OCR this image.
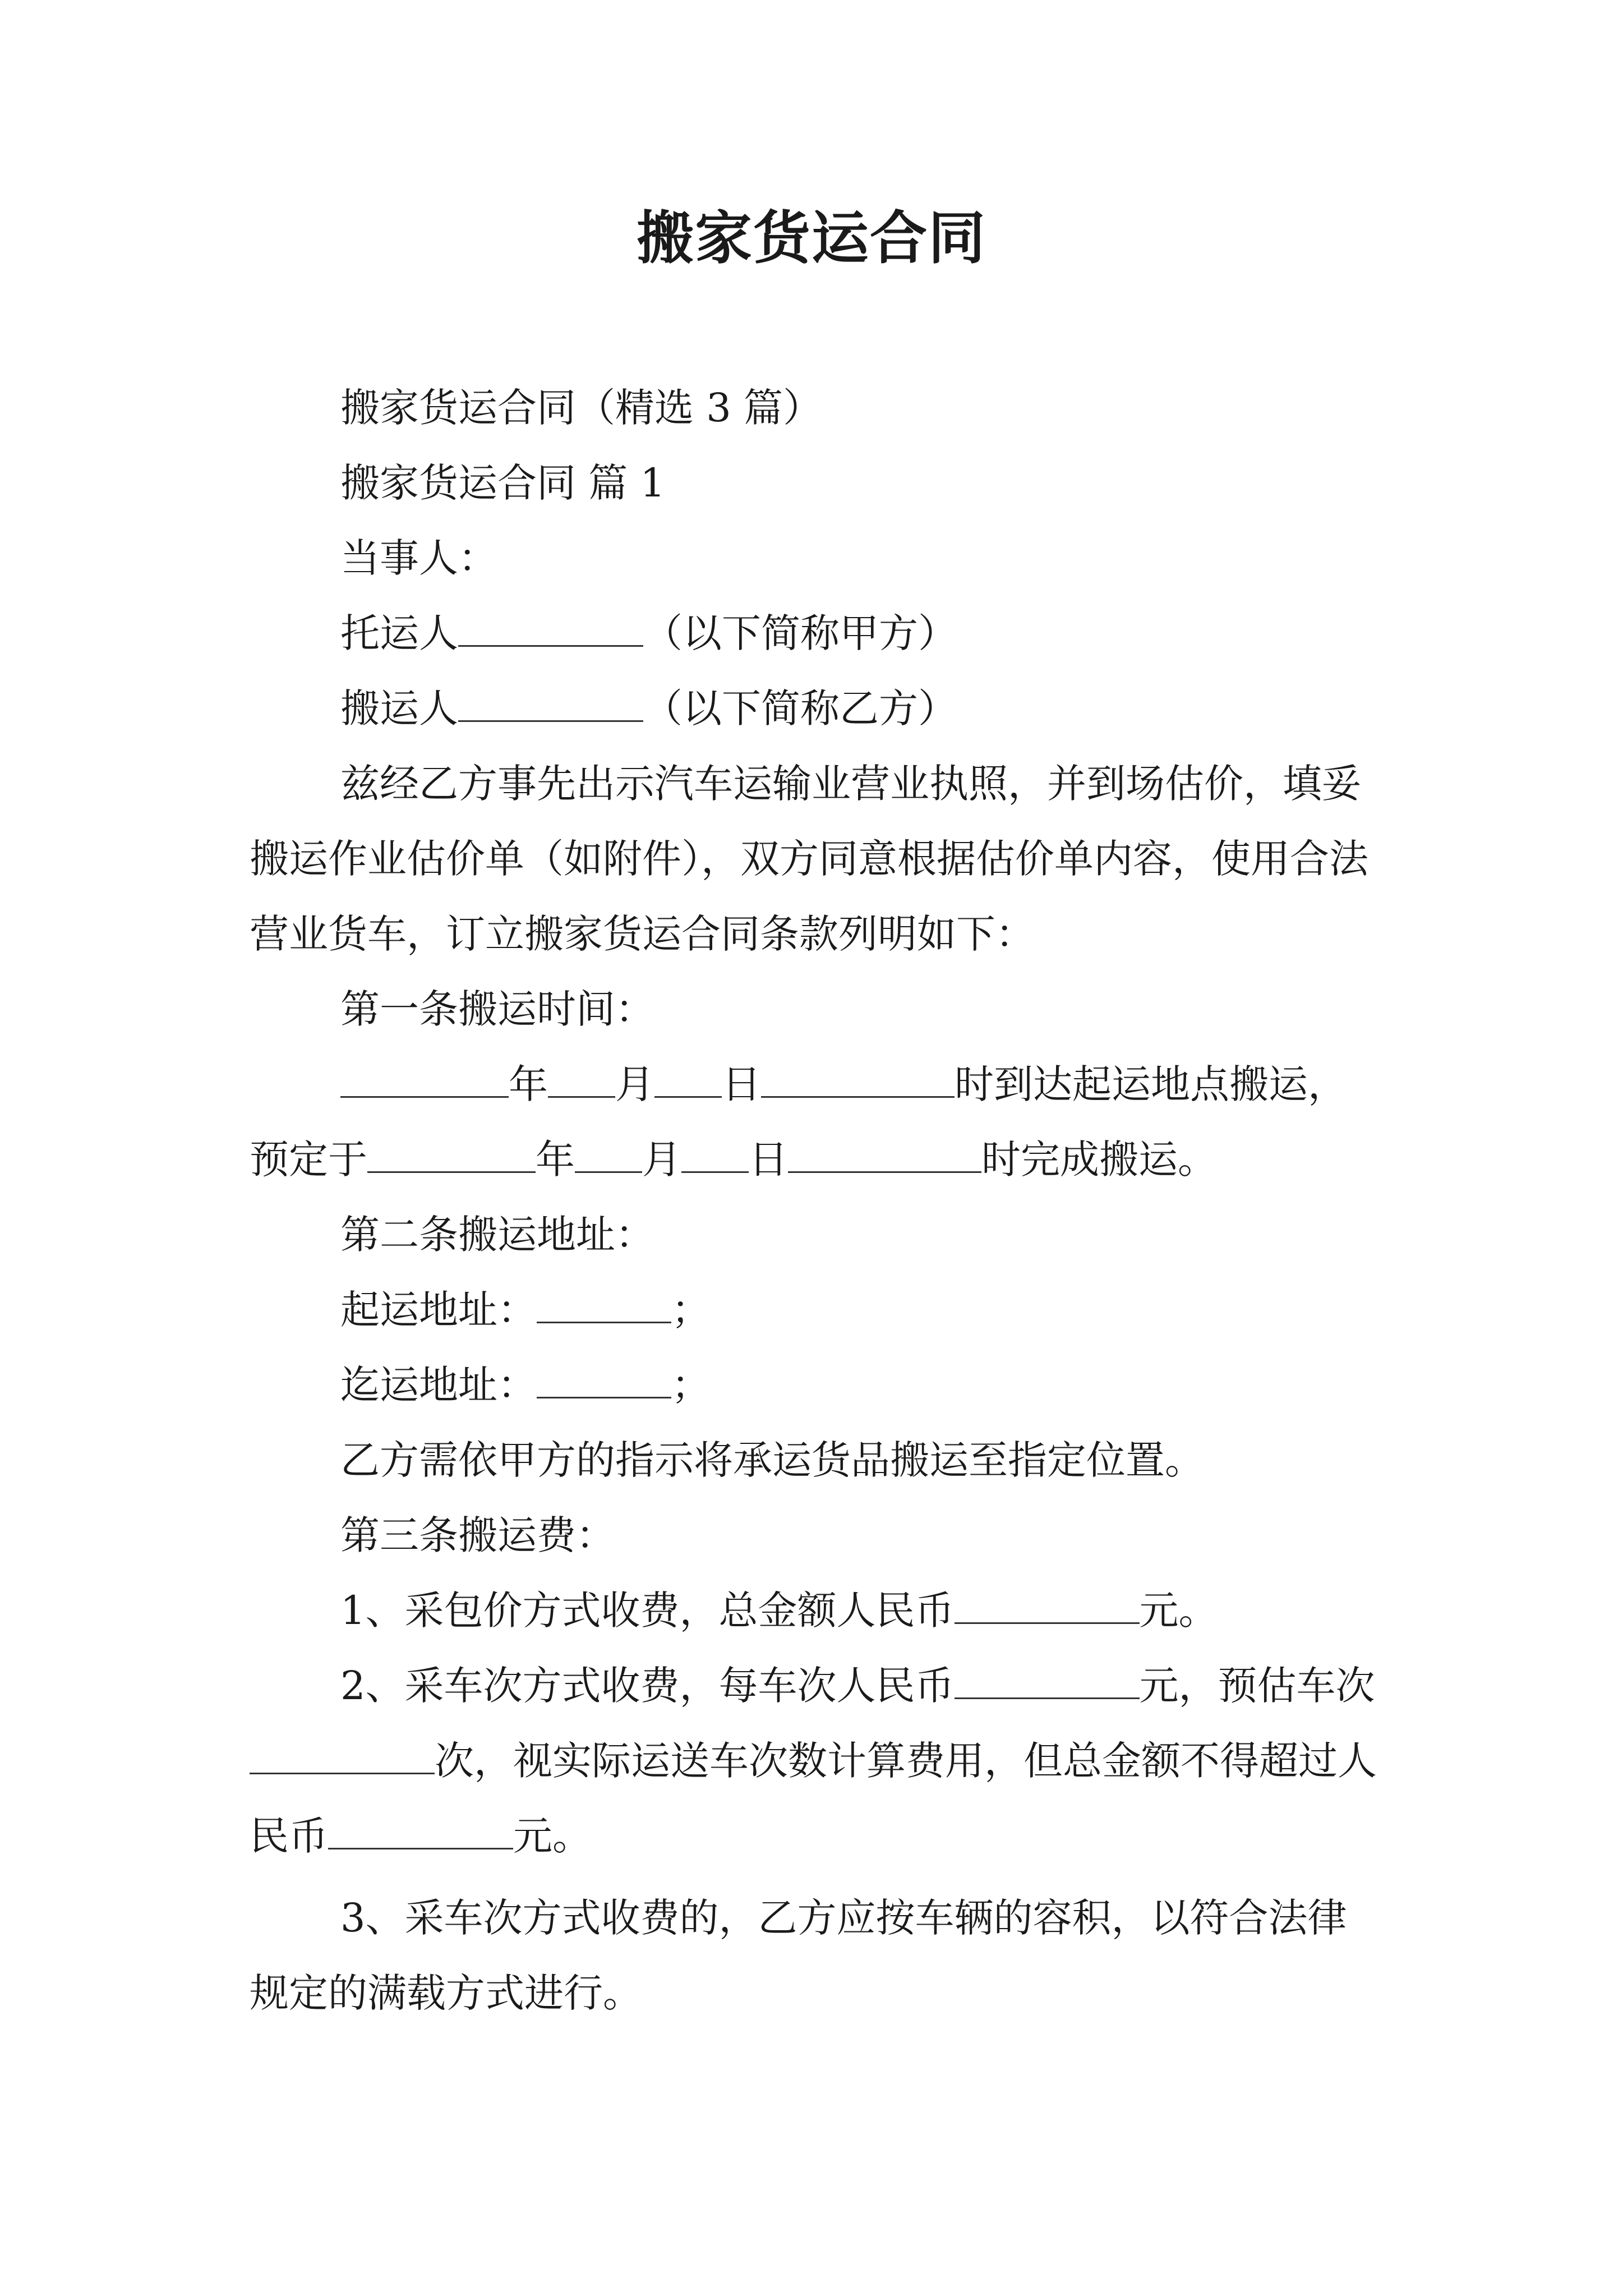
搬家货运合同

搬家货运合同（精选 3 篇）

搬家货运合同 篇 1

当事人：

托运人	（以下简称甲方）

搬运人	（以下简称乙方）

兹经乙方事先出示汽车运输业营业执照，并到场估价，填妥搬运作业估价单（如附件），双方同意根据估价单内容，使用合法营业货车，订立搬家货运合同条款列明如下：

第一条搬运时间：

年 月 日	时到达起运地点搬运，预定于	年 月 日	时完成搬运。

第二条搬运地址：

起运地址：	；

迄运地址：	；

乙方需依甲方的指示将承运货品搬运至指定位置。

第三条搬运费：

1、采包价方式收费，总金额人民币	元。

2、采车次方式收费，每车次人民币	元，预估车次次，视实际运送车次数计算费用，但总金额不得超过人民币	元。

3、采车次方式收费的，乙方应按车辆的容积，以符合法律规定的满载方式进行。
